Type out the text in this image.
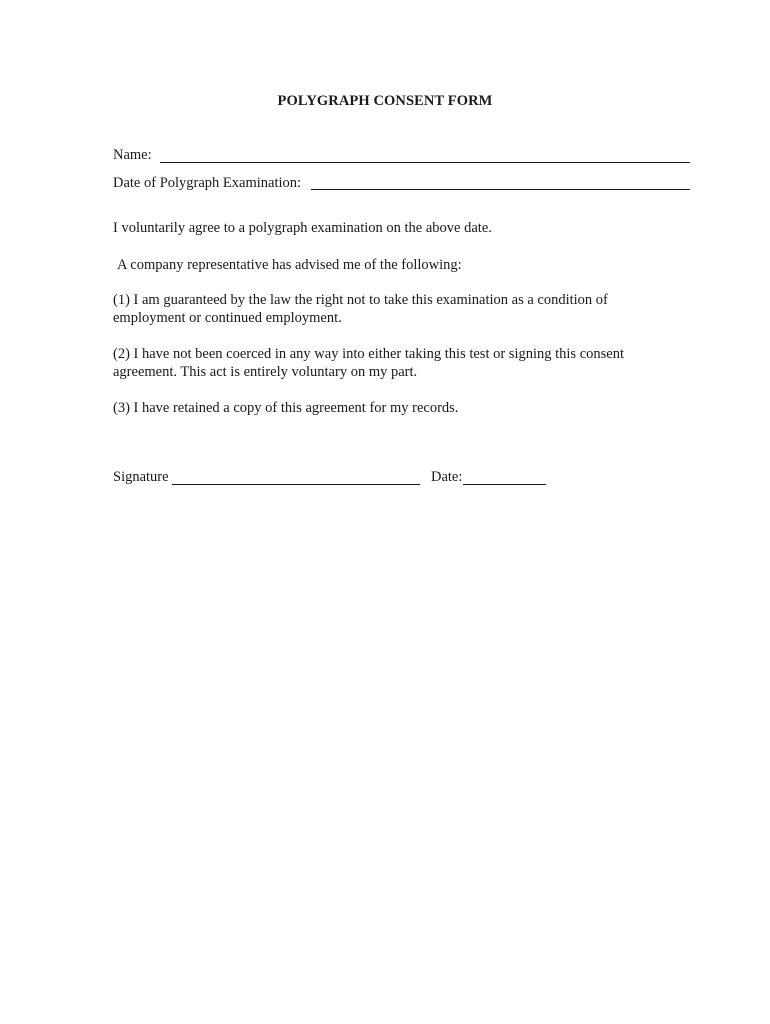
POLYGRAPH CONSENT FORM
Name:
Date of Polygraph Examination:
I voluntarily agree to a polygraph examination on the above date.
A company representative has advised me of the following:
(1) I am guaranteed by the law the right not to take this examination as a condition of employment or continued employment.
(2) I have not been coerced in any way into either taking this test or signing this consent agreement. This act is entirely voluntary on my part.
(3) I have retained a copy of this agreement for my records.
Signature	Date:
